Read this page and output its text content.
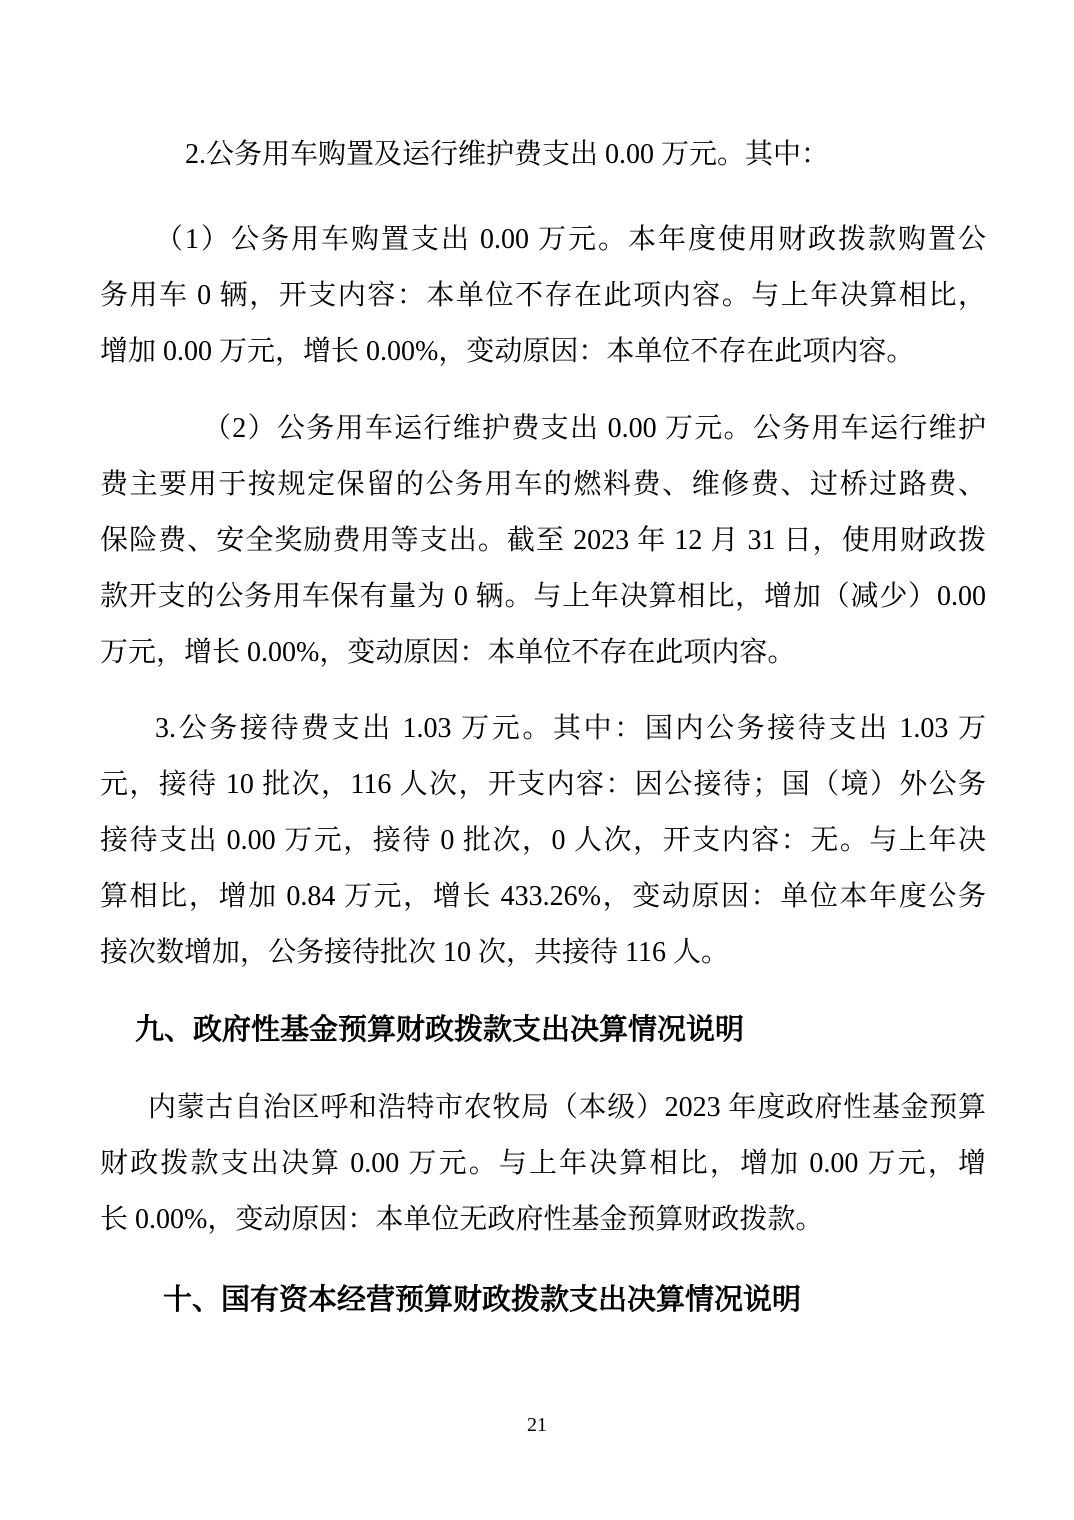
2.公务用车购置及运行维护费支出 0.00 万元。其中：
（1）公务用车购置支出 0.00 万元。本年度使用财政拨款购置公
务用车 0 辆，开支内容：本单位不存在此项内容。与上年决算相比，
增加 0.00 万元，增长 0.00%，变动原因：本单位不存在此项内容。
（2）公务用车运行维护费支出 0.00 万元。公务用车运行维护
费主要用于按规定保留的公务用车的燃料费、维修费、过桥过路费、
保险费、安全奖励费用等支出。截至 2023 年 12 月 31 日，使用财政拨
款开支的公务用车保有量为 0 辆。与上年决算相比，增加（减少）0.00
万元，增长 0.00%，变动原因：本单位不存在此项内容。
3.公务接待费支出 1.03 万元。其中：国内公务接待支出 1.03 万
元，接待 10 批次，116 人次，开支内容：因公接待；国（境）外公务
接待支出 0.00 万元，接待 0 批次，0 人次，开支内容：无。与上年决
算相比，增加 0.84 万元，增长 433.26%，变动原因：单位本年度公务
接次数增加，公务接待批次 10 次，共接待 116 人。
九、政府性基金预算财政拨款支出决算情况说明
内蒙古自治区呼和浩特市农牧局（本级）2023 年度政府性基金预算
财政拨款支出决算 0.00 万元。与上年决算相比，增加 0.00 万元，增
长 0.00%，变动原因：本单位无政府性基金预算财政拨款。
十、国有资本经营预算财政拨款支出决算情况说明
21
